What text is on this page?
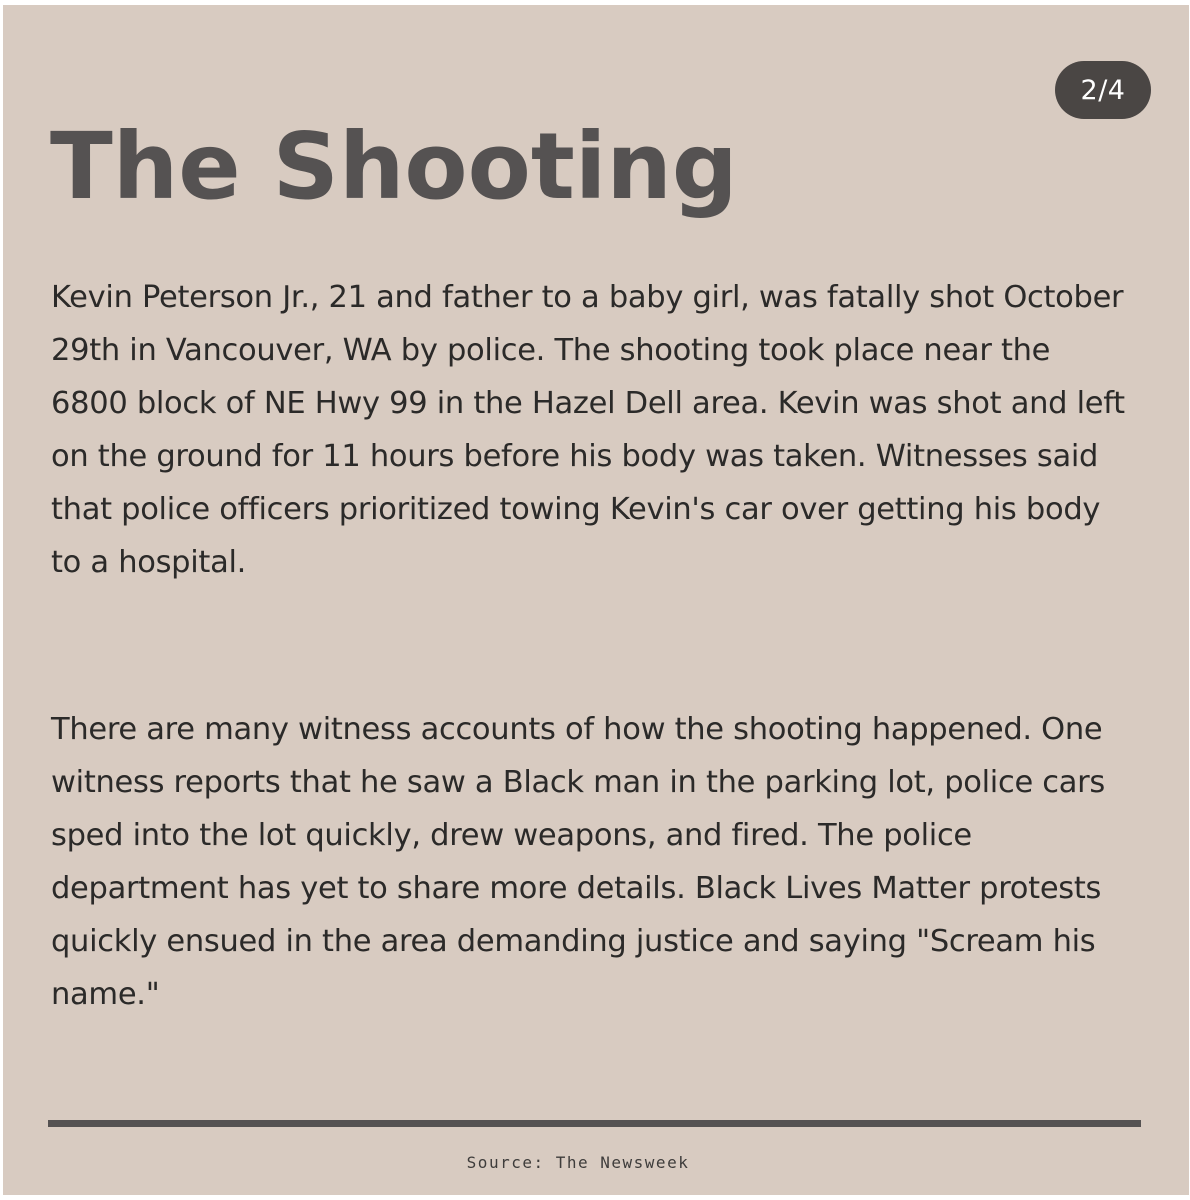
2/4
The Shooting

Kevin Peterson Jr., 21 and father to a baby girl, was fatally shot October 29th in Vancouver, WA by police. The shooting took place near the 6800 block of NE Hwy 99 in the Hazel Dell area. Kevin was shot and left on the ground for 11 hours before his body was taken. Witnesses said that police officers prioritized towing Kevin's car over getting his body to a hospital.

There are many witness accounts of how the shooting happened. One witness reports that he saw a Black man in the parking lot, police cars sped into the lot quickly, drew weapons, and fired. The police department has yet to share more details. Black Lives Matter protests quickly ensued in the area demanding justice and saying "Scream his name."

Source: The Newsweek
